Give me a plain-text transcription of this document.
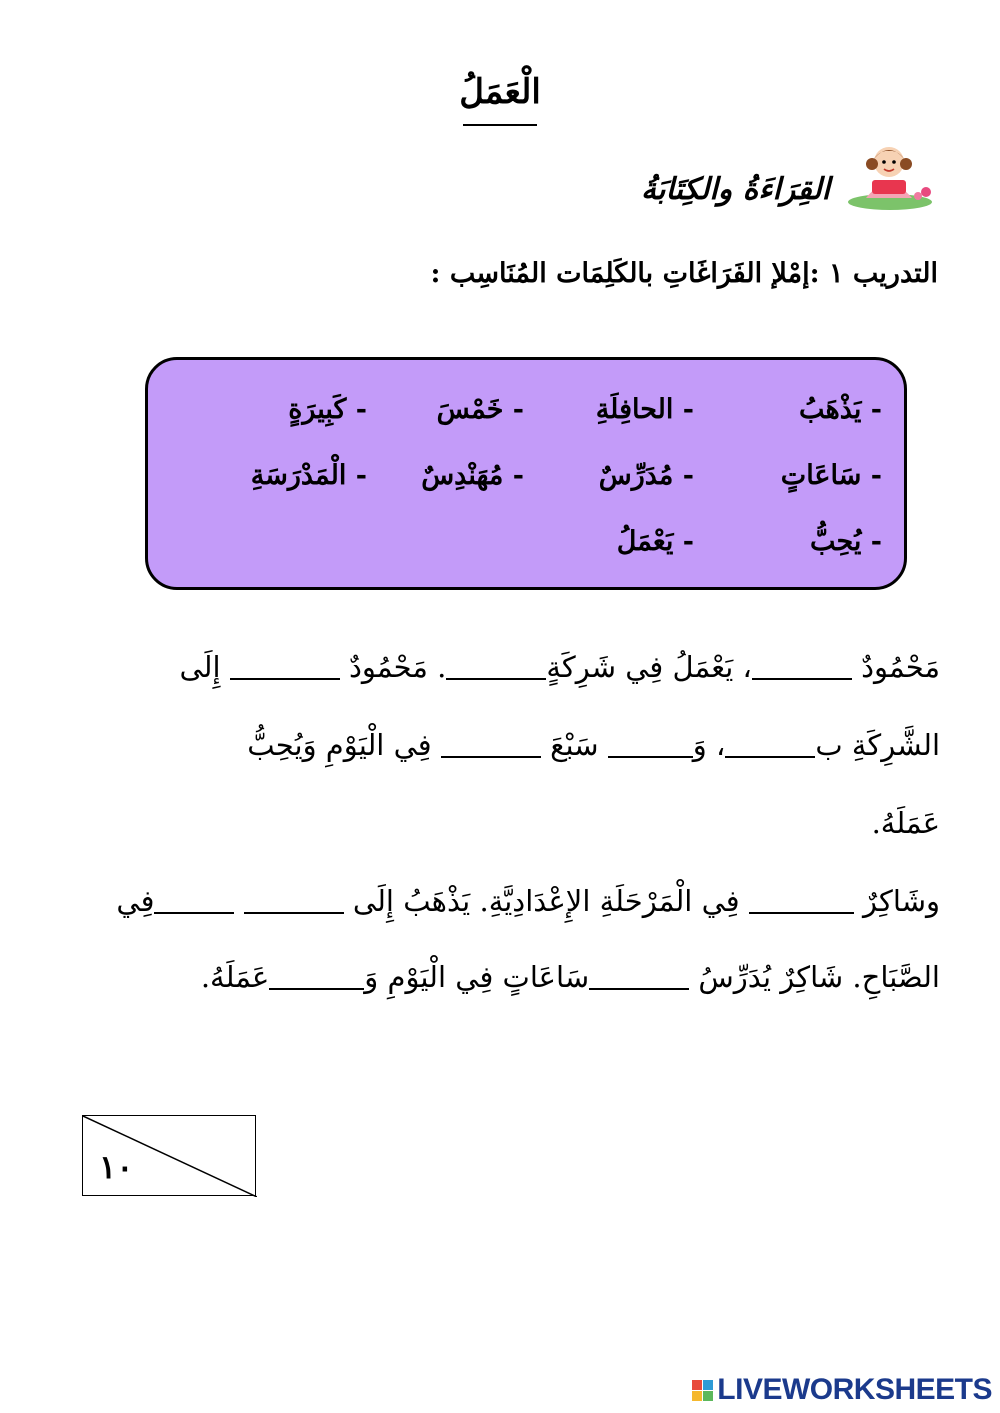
الْعَمَلُ
القِرَاءَةُ والكِتَابَةُ
التدريب ١ :إمْلإ الفَرَاغَاتِ بالكَلِمَات المُنَاسِب :
- يَذْهَبُ
- الحافِلَةِ
- خَمْسَ
- كَبِيرَةٍ
- سَاعَاتٍ
- مُدَرِّسٌ
- مُهَنْدِسٌ
- الْمَدْرَسَةِ
- يُحِبُّ
- يَعْمَلُ
مَحْمُودٌ ، يَعْمَلُ فِي شَرِكَةٍ. مَحْمُودٌ  إِلَى
الشَّرِكَةِ ب، وَ سَبْعَ  فِي الْيَوْمِ وَيُحِبُّ
عَمَلَهُ.
وشَاكِرٌ  فِي الْمَرْحَلَةِ الإِعْدَادِيَّةِ. يَذْهَبُ إِلَى  فِي
الصَّبَاحِ. شَاكِرٌ يُدَرِّسُ سَاعَاتٍ فِي الْيَوْمِ وَعَمَلَهُ.
١٠
LIVE WORKSHEETS
